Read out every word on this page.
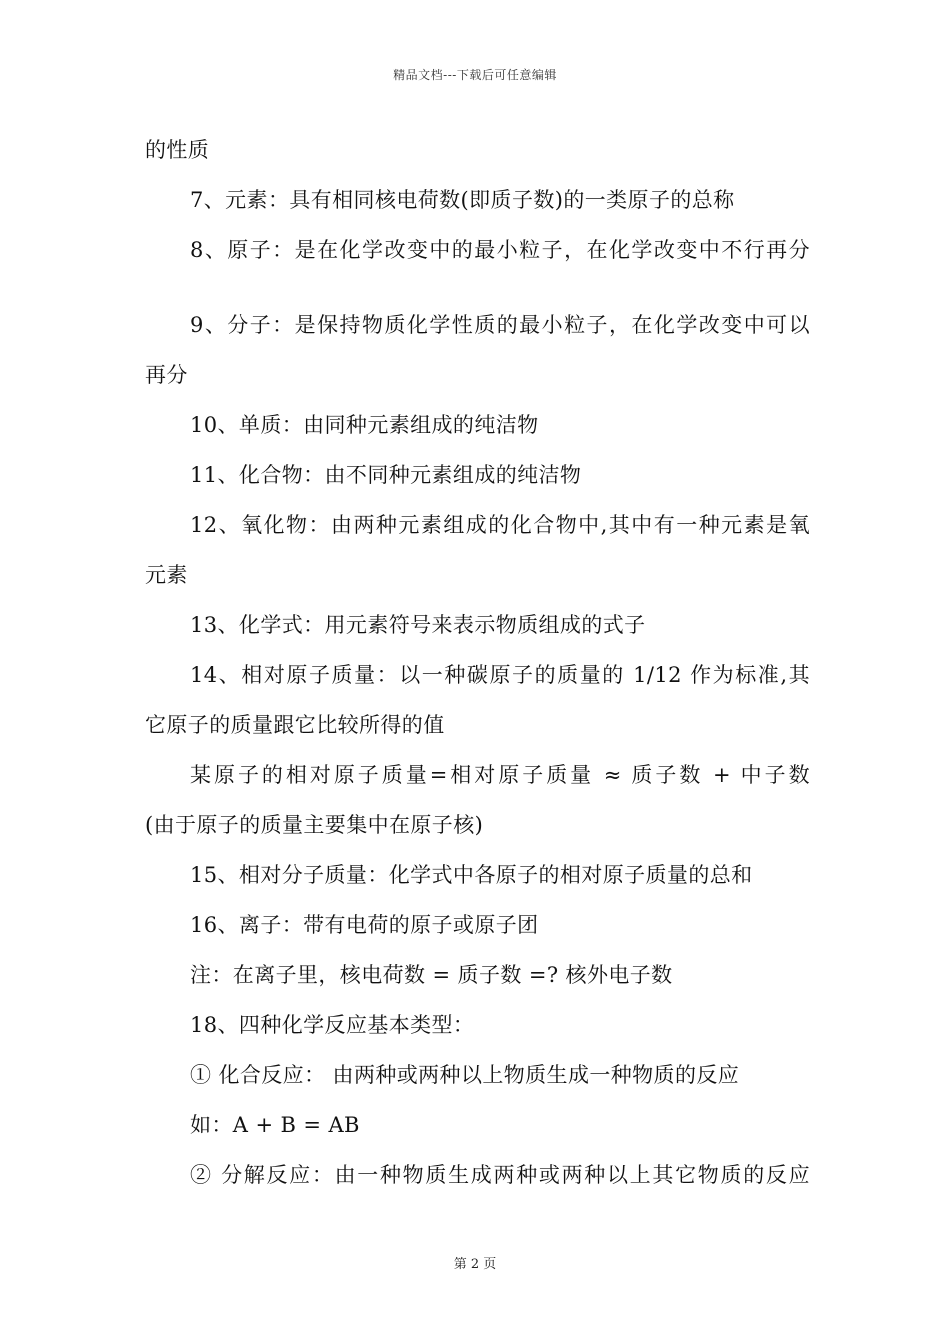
精品文档---下载后可任意编辑
的性质
7、元素：具有相同核电荷数(即质子数)的一类原子的总称
8、原子：是在化学改变中的最小粒子，在化学改变中不行再分
9、分子：是保持物质化学性质的最小粒子，在化学改变中可以
再分
10、单质：由同种元素组成的纯洁物
11、化合物：由不同种元素组成的纯洁物
12、氧化物：由两种元素组成的化合物中,其中有一种元素是氧
元素
13、化学式：用元素符号来表示物质组成的式子
14、相对原子质量：以一种碳原子的质量的 1/12 作为标准,其
它原子的质量跟它比较所得的值
某原子的相对原子质量=相对原子质量 ≈ 质子数 + 中子数
(由于原子的质量主要集中在原子核)
15、相对分子质量：化学式中各原子的相对原子质量的总和
16、离子：带有电荷的原子或原子团
注：在离子里，核电荷数 = 质子数 =? 核外电子数
18、四种化学反应基本类型：
① 化合反应： 由两种或两种以上物质生成一种物质的反应
如：A + B = AB
② 分解反应：由一种物质生成两种或两种以上其它物质的反应
第 2 页
